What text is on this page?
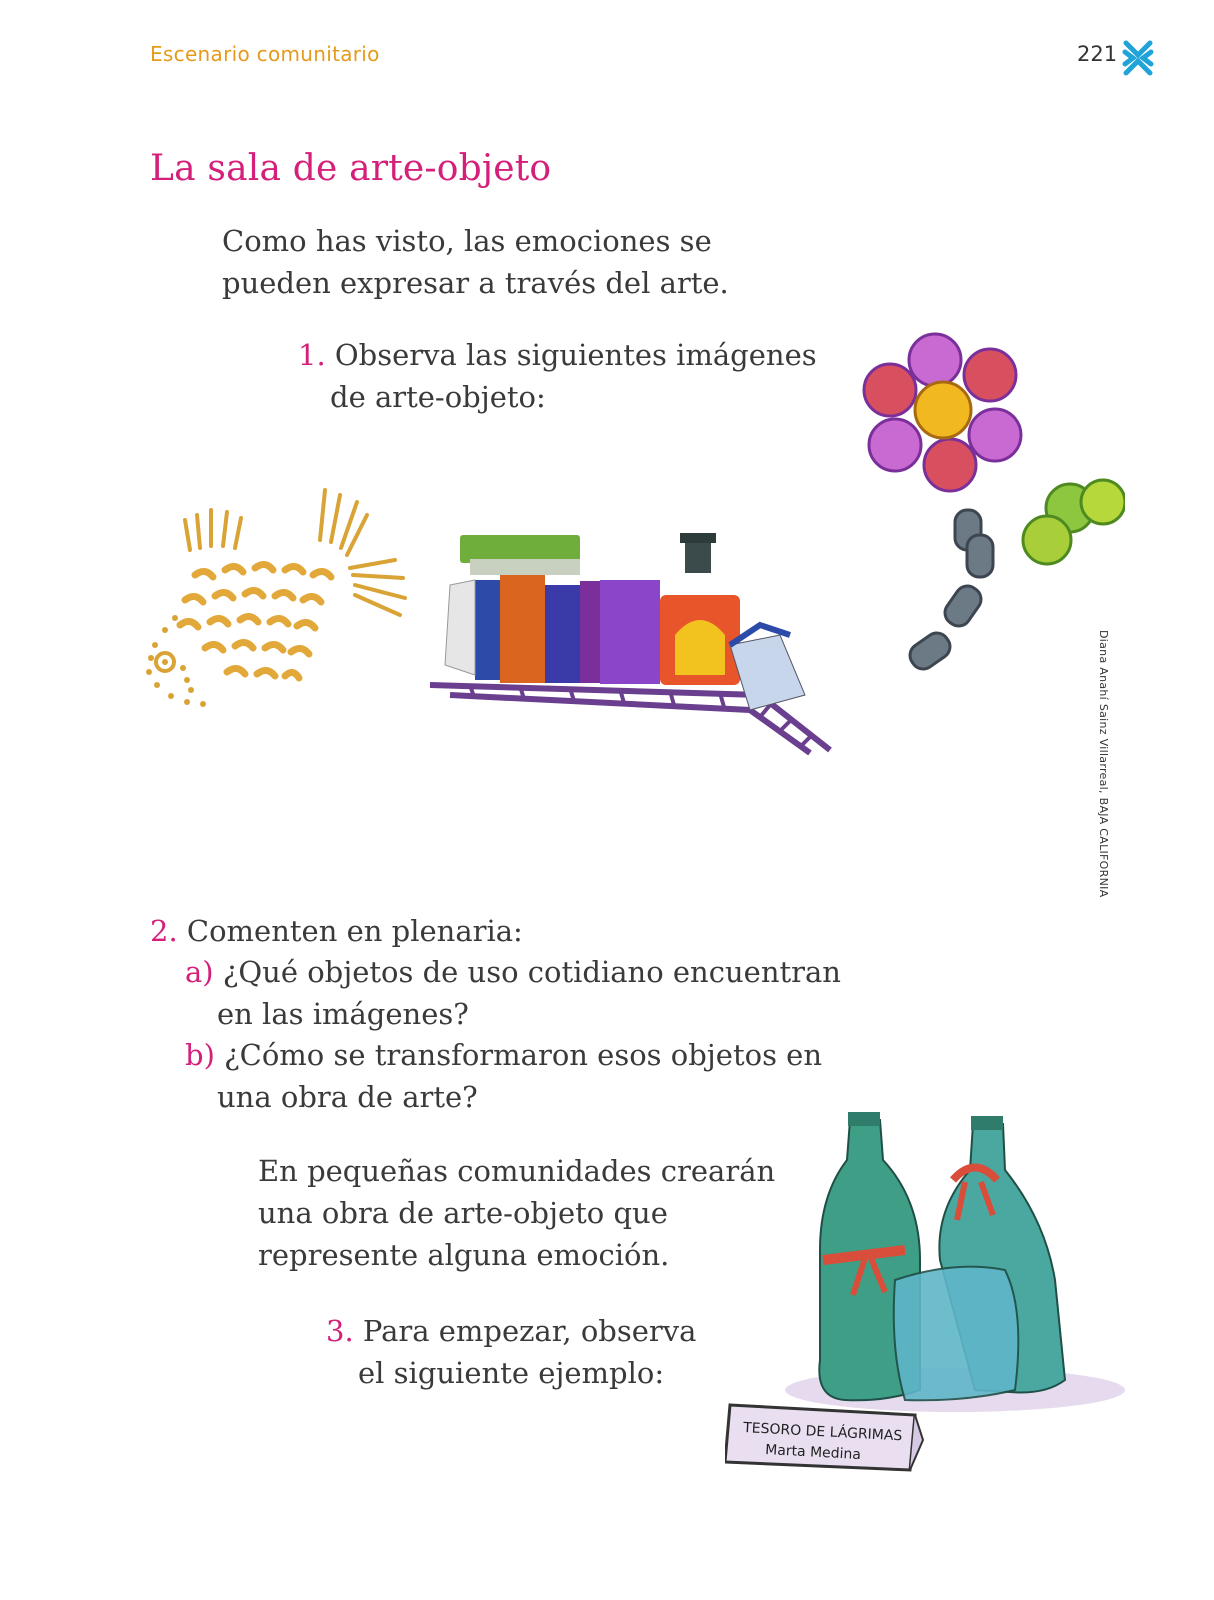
Escenario comunitario	221
La sala de arte-objeto

Como has visto, las emociones se

pueden expresar a través del arte.

1. Observa las siguientes imágenes

de arte-objeto:

Diana Anahí Sainz Villarreal, BAJA CALIFORNIA

2. Comenten en plenaria:

a) ¿Qué objetos de uso cotidiano encuentran

en las imágenes?

b) ¿Cómo se transformaron esos objetos en

una obra de arte?

En pequeñas comunidades crearán

una obra de arte-objeto que

represente alguna emoción.

3. Para empezar, observa

el siguiente ejemplo:

TESORO DE LÁGRIMAS
Marta Medina
